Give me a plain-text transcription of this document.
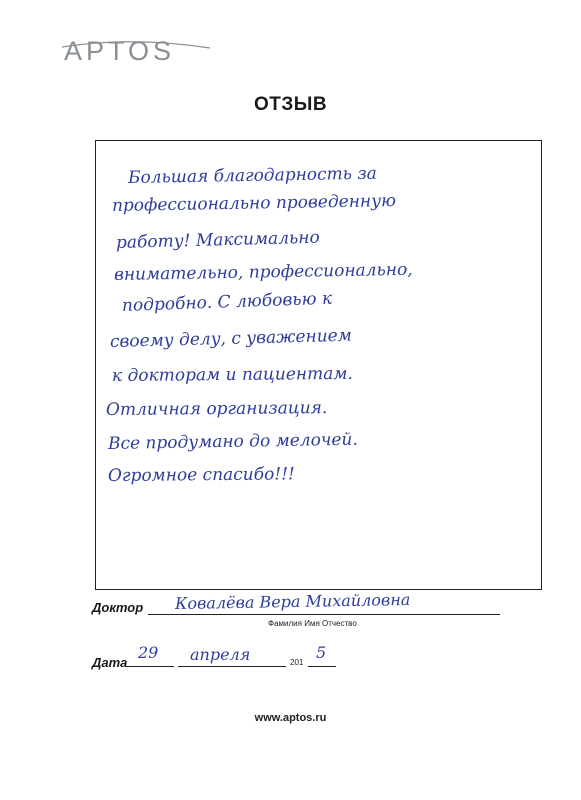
APTOS
ОТЗЫВ
Большая благодарность за
профессионально проведенную
работу! Максимально
внимательно, профессионально,
подробно. С любовью к
своему делу, с уважением
к докторам и пациентам.
Отличная организация.
Все продумано до мелочей.
Огромное спасибо!!!
Доктор Ковалёва Вера Михайловна
Фамилия Имя Отчество
Дата
29 апреля	201
5
www.aptos.ru
